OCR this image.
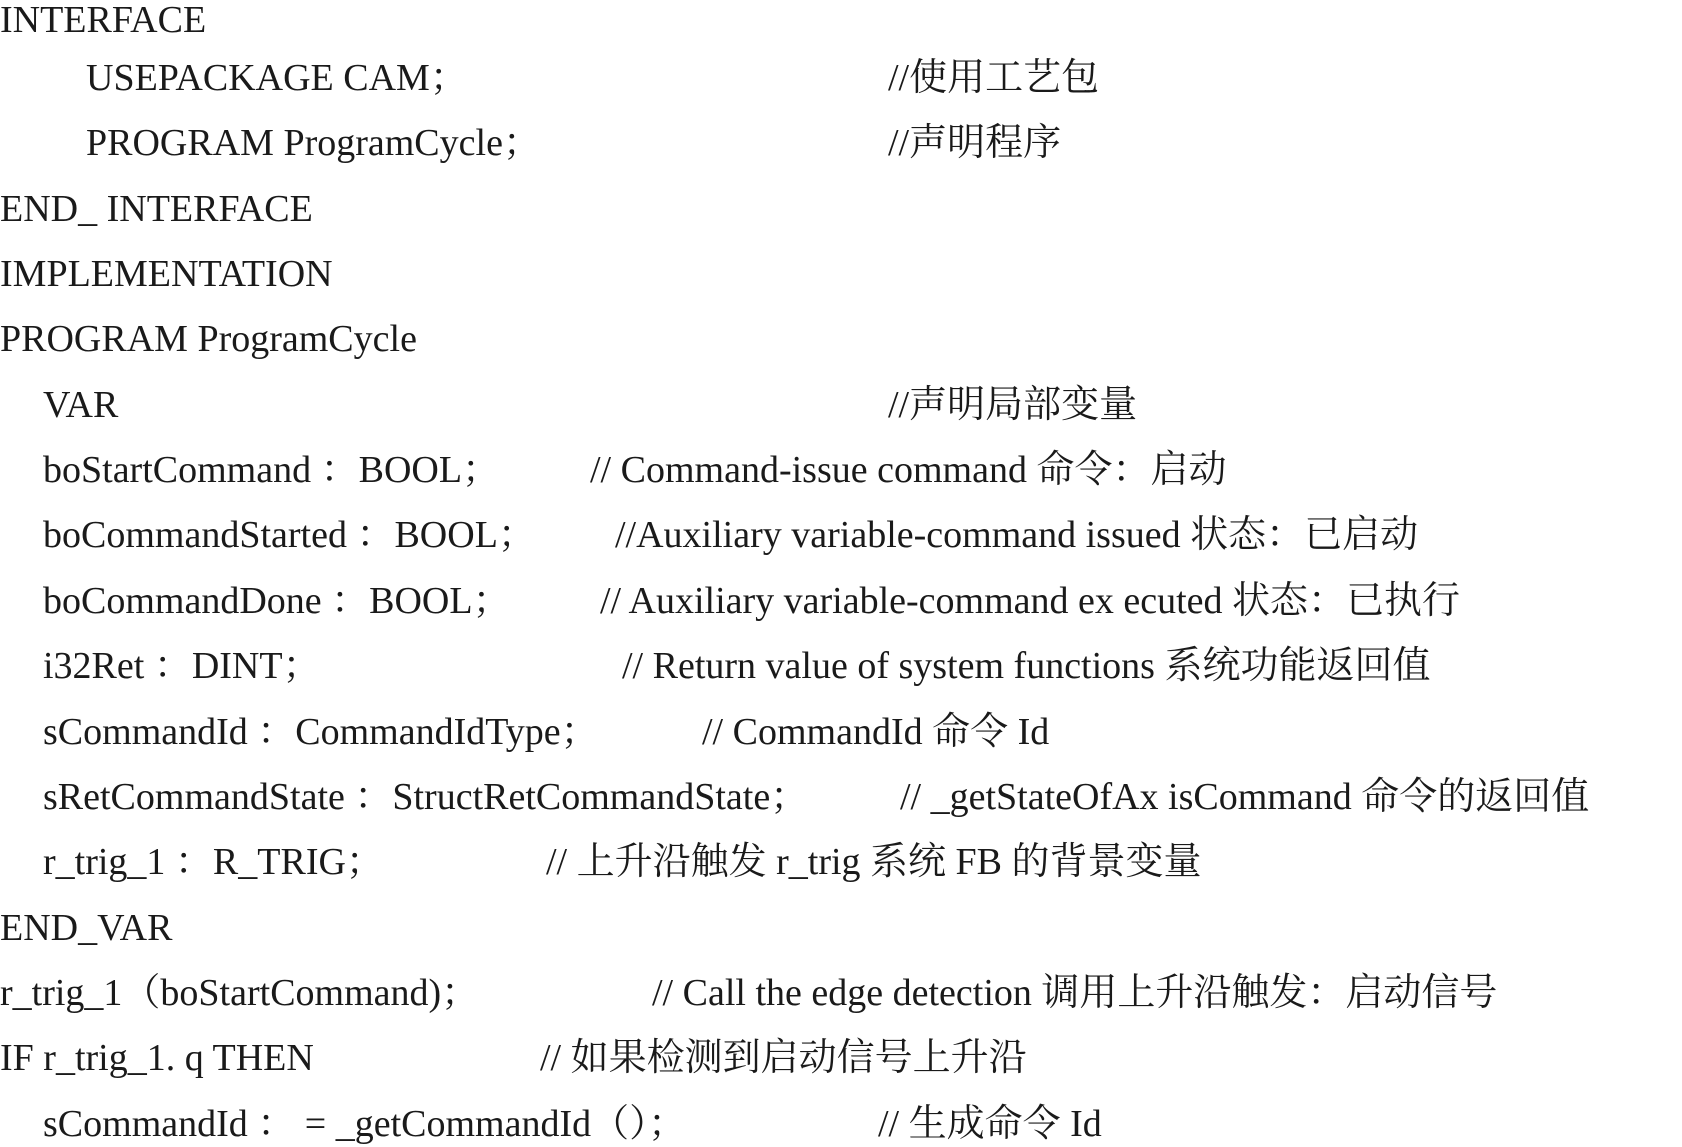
INTERFACE
USEPACKAGE CAM；	//使用工艺包
PROGRAM ProgramCycle；	//声明程序
END_ INTERFACE
IMPLEMENTATION
PROGRAM ProgramCycle
VAR	//声明局部变量
boStartCommand ：BOOL； // Command-issue command 命令：启动
boCommandStarted ：BOOL； //Auxiliary variable-command issued 状态：已启动
boCommandDone ：BOOL； // Auxiliary variable-command ex ecuted 状态：已执行
i32Ret ：DINT；	// Return value of system functions 系统功能返回值
sCommandId ：CommandIdType；	// CommandId 命令 Id
sRetCommandState ：StructRetCommandState； // _getStateOfAx isCommand 命令的返回值
r_trig_1 ：R_TRIG；	// 上升沿触发 r_trig 系统 FB 的背景变量
END_VAR
r_trig_1（boStartCommand)；	// Call the edge detection 调用上升沿触发：启动信号
IF r_trig_1. q THEN	// 如果检测到启动信号上升沿
sCommandId ： = _getCommandId（）；	// 生成命令 Id
